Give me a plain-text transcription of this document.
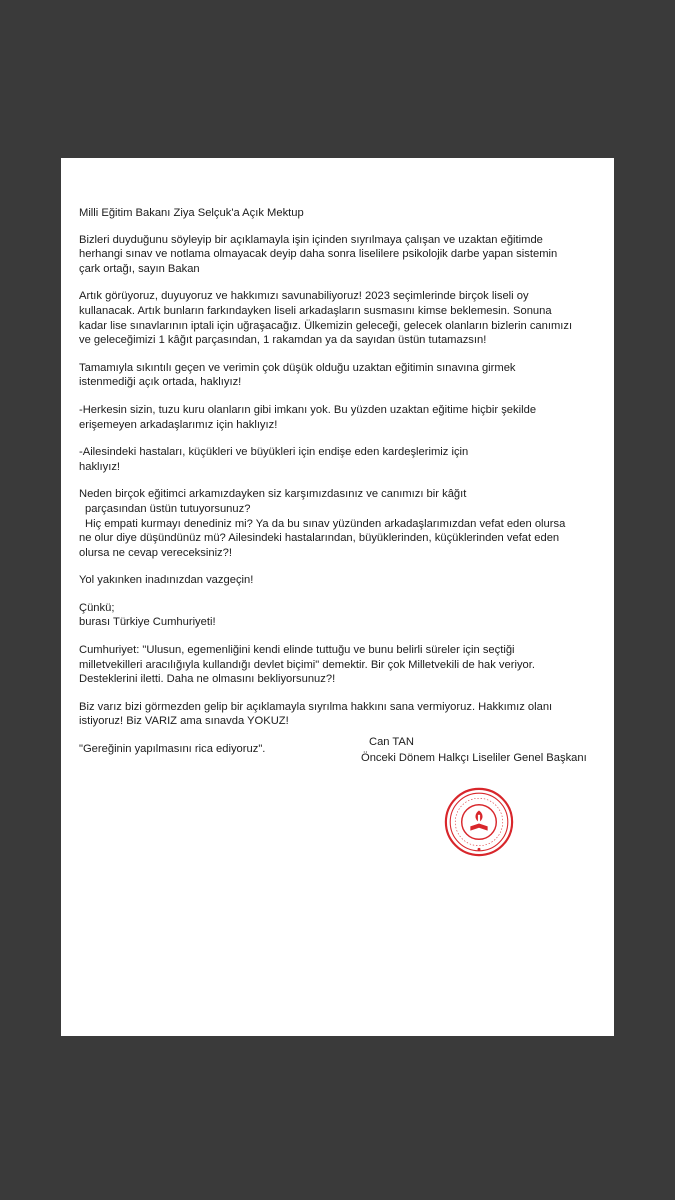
Milli Eğitim Bakanı Ziya Selçuk'a Açık Mektup
Bizleri duyduğunu söyleyip bir açıklamayla işin içinden sıyrılmaya çalışan ve uzaktan eğitimde
herhangi sınav ve notlama olmayacak deyip daha sonra liselilere psikolojik darbe yapan sistemin
çark ortağı, sayın Bakan
Artık görüyoruz, duyuyoruz ve hakkımızı savunabiliyoruz! 2023 seçimlerinde birçok liseli oy
kullanacak. Artık bunların farkındayken liseli arkadaşların susmasını kimse beklemesin. Sonuna
kadar lise sınavlarının iptali için uğraşacağız. Ülkemizin geleceği, gelecek olanların bizlerin canımızı
ve geleceğimizi 1 kâğıt parçasından, 1 rakamdan ya da sayıdan üstün tutamazsın!
Tamamıyla sıkıntılı geçen ve verimin çok düşük olduğu uzaktan eğitimin sınavına girmek
istenmediği açık ortada, haklıyız!
-Herkesin sizin, tuzu kuru olanların gibi imkanı yok. Bu yüzden uzaktan eğitime hiçbir şekilde
erişemeyen arkadaşlarımız için haklıyız!
-Ailesindeki hastaları, küçükleri ve büyükleri için endişe eden kardeşlerimiz için
haklıyız!
Neden birçok eğitimci arkamızdayken siz karşımızdasınız ve canımızı bir kâğıt
parçasından üstün tutuyorsunuz?
Hiç empati kurmayı denediniz mi? Ya da bu sınav yüzünden arkadaşlarımızdan vefat eden olursa
ne olur diye düşündünüz mü? Ailesindeki hastalarından, büyüklerinden, küçüklerinden vefat eden
olursa ne cevap vereceksiniz?!
Yol yakınken inadınızdan vazgeçin!
Çünkü;
burası Türkiye Cumhuriyeti!
Cumhuriyet: "Ulusun, egemenliğini kendi elinde tuttuğu ve bunu belirli süreler için seçtiği
milletvekilleri aracılığıyla kullandığı devlet biçimi" demektir. Bir çok Milletvekili de hak veriyor.
Desteklerini iletti. Daha ne olmasını bekliyorsunuz?!
Biz varız bizi görmezden gelip bir açıklamayla sıyrılma hakkını sana vermiyoruz. Hakkımız olanı
istiyoruz! Biz VARIZ ama sınavda YOKUZ!
"Gereğinin yapılmasını rica ediyoruz".
Can TAN
Önceki Dönem Halkçı Liseliler Genel Başkanı
